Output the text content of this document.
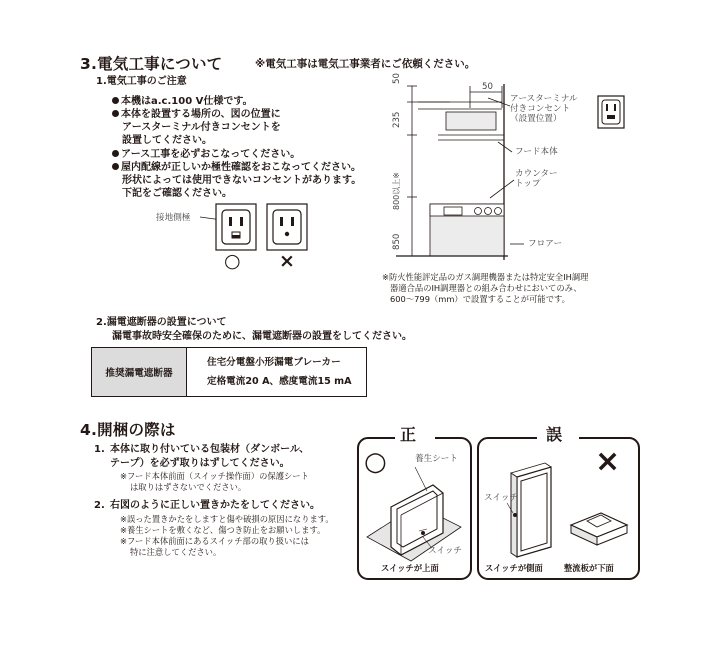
3.電気工事について	※電気工事は電気工事業者にご依頼ください。
1.電気工事のご注意
本機はa.c.100 V仕様です。
本体を設置する場所の、図の位置に
アースターミナル付きコンセントを
設置してください。
アース工事を必ずおこなってください。
屋内配線が正しいか極性確認をおこなってください。
形状によっては使用できないコンセントがあります。
下記をご確認ください。
接地側極
○ ×
50
235
800以上※
850
50
アースターミナル
付きコンセント
（設置位置）
フード本体
カウンター
トップ
フロアー
※防火性能評定品のガス調理機器または特定安全IH調理
器適合品のIH調理器との組み合わせにおいてのみ、
600～799（mm）で設置することが可能です。
2.漏電遮断器の設置について
漏電事故時安全確保のために、漏電遮断器の設置をしてください。
推奨漏電遮断器	
住宅分電盤小形漏電ブレーカー
定格電流20 A、感度電流15 mA
4.開梱の際は
1. 本体に取り付いている包装材（ダンボール、
テープ）を必ず取りはずしてください。
※フード本体前面（スイッチ操作面）の保護シート
は取りはずさないでください。
2. 右図のように正しい置きかたをしてください。
※誤った置きかたをしますと傷や破損の原因になります。
※養生シートを敷くなど、傷つき防止をお願いします。
※フード本体前面にあるスイッチ部の取り扱いには
特に注意してください。
正
○	養生シート
スイッチ
スイッチが上面
誤
×
スイッチ
スイッチが側面	整流板が下面
